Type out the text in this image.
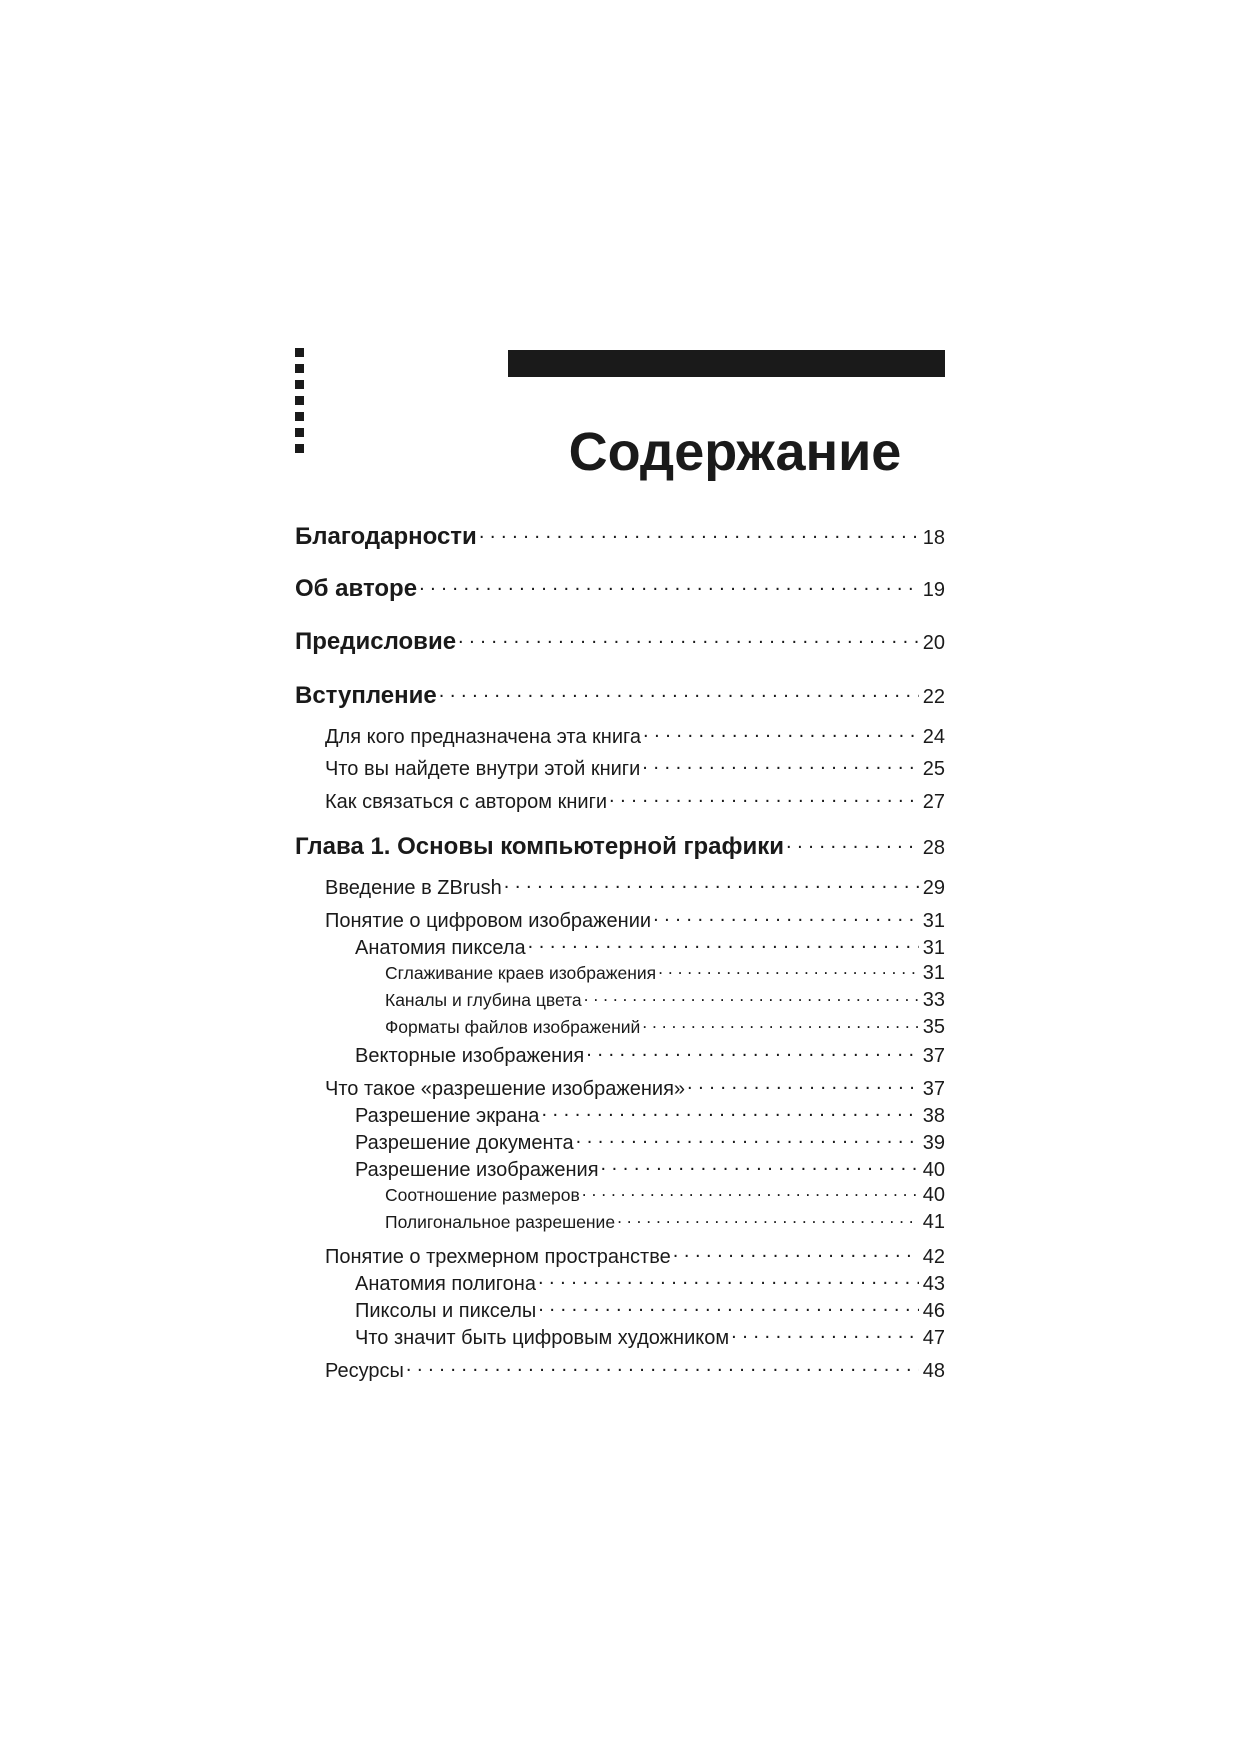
Содержание
Благодарности . . .	18
Об авторе . . .	19
Предисловие . . .	20
Вступление . . .	22
Для кого предназначена эта книга . . .	24
Что вы найдете внутри этой книги . . .	25
Как связаться с автором книги . . .	27
Глава 1. Основы компьютерной графики . . .	28
Введение в ZBrush . . .	29
Понятие о цифровом изображении . . .	31
Анатомия пиксела . . .	31
Сглаживание краев изображения . . .	31
Каналы и глубина цвета . . .	33
Форматы файлов изображений . . .	35
Векторные изображения . . .	37
Что такое «разрешение изображения» . . .	37
Разрешение экрана . . .	38
Разрешение документа . . .	39
Разрешение изображения . . .	40
Соотношение размеров . . .	40
Полигональное разрешение . . .	41
Понятие о трехмерном пространстве . . .	42
Анатомия полигона . . .	43
Пиксолы и пикселы . . .	46
Что значит быть цифровым художником . . .	47
Ресурсы . . .	48
